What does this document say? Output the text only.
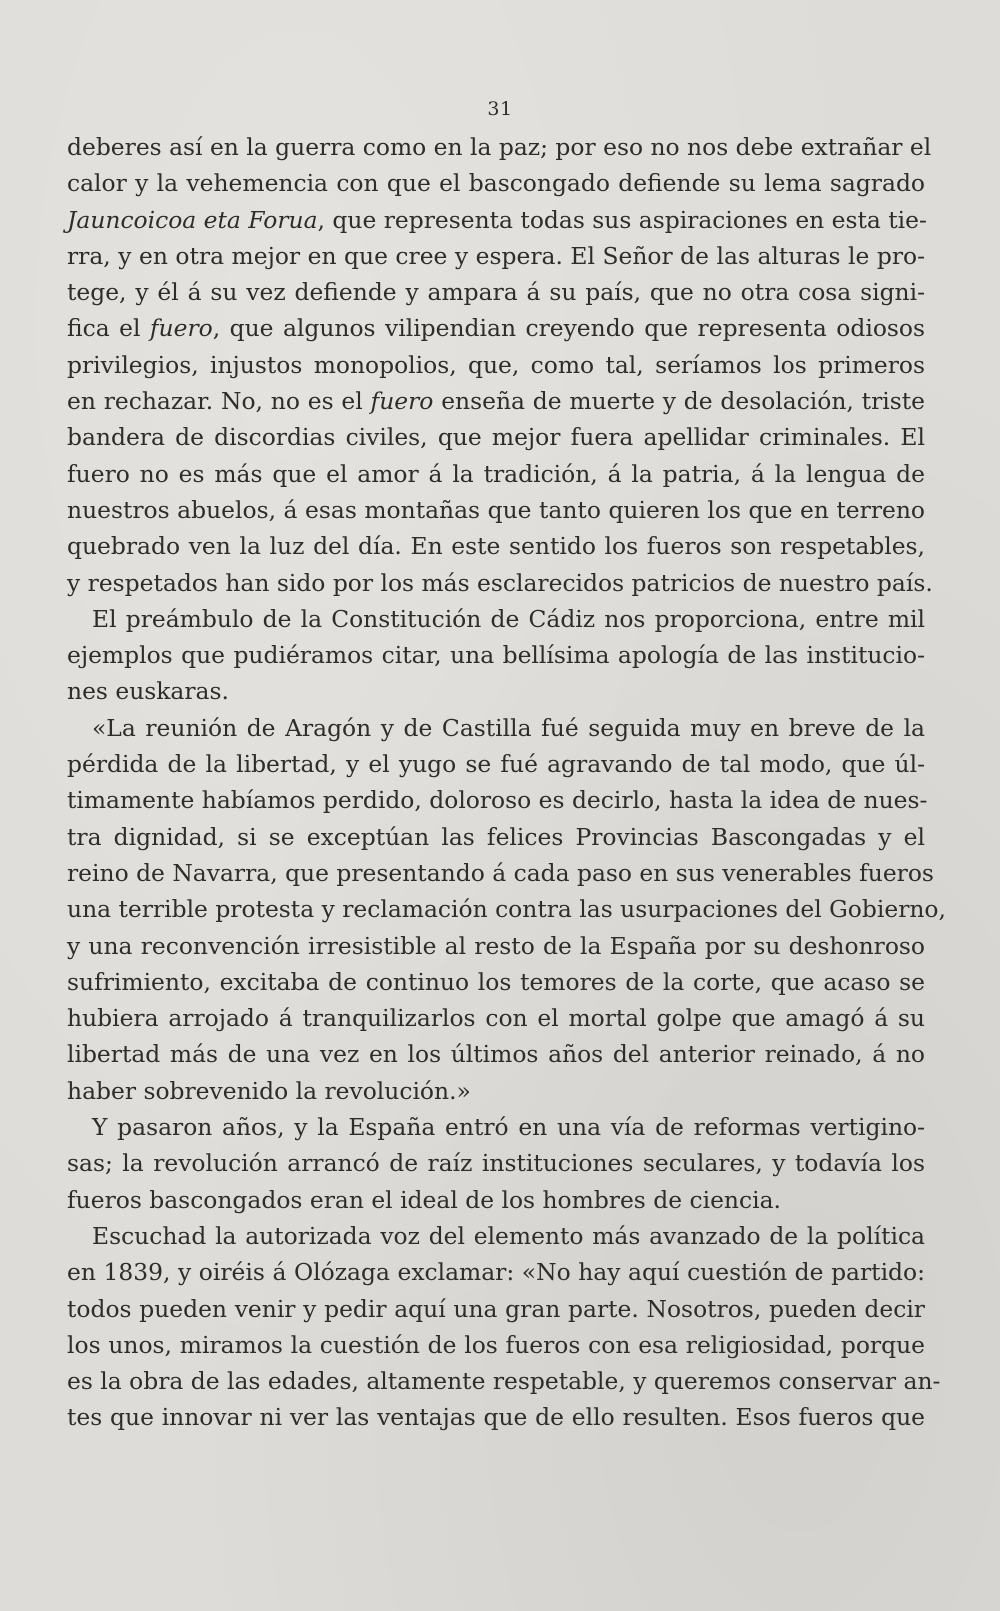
31
deberes así en la guerra como en la paz; por eso no nos debe extrañar el
calor y la vehemencia con que el bascongado defiende su lema sagrado
Jauncoicoa eta Forua, que representa todas sus aspiraciones en esta tie-
rra, y en otra mejor en que cree y espera. El Señor de las alturas le pro-
tege, y él á su vez defiende y ampara á su país, que no otra cosa signi-
fica el fuero, que algunos vilipendian creyendo que representa odiosos
privilegios, injustos monopolios, que, como tal, seríamos los primeros
en rechazar. No, no es el fuero enseña de muerte y de desolación, triste
bandera de discordias civiles, que mejor fuera apellidar criminales. El
fuero no es más que el amor á la tradición, á la patria, á la lengua de
nuestros abuelos, á esas montañas que tanto quieren los que en terreno
quebrado ven la luz del día. En este sentido los fueros son respetables,
y respetados han sido por los más esclarecidos patricios de nuestro país.
El preámbulo de la Constitución de Cádiz nos proporciona, entre mil
ejemplos que pudiéramos citar, una bellísima apología de las institucio-
nes euskaras.
«La reunión de Aragón y de Castilla fué seguida muy en breve de la
pérdida de la libertad, y el yugo se fué agravando de tal modo, que úl-
timamente habíamos perdido, doloroso es decirlo, hasta la idea de nues-
tra dignidad, si se exceptúan las felices Provincias Bascongadas y el
reino de Navarra, que presentando á cada paso en sus venerables fueros
una terrible protesta y reclamación contra las usurpaciones del Gobierno,
y una reconvención irresistible al resto de la España por su deshonroso
sufrimiento, excitaba de continuo los temores de la corte, que acaso se
hubiera arrojado á tranquilizarlos con el mortal golpe que amagó á su
libertad más de una vez en los últimos años del anterior reinado, á no
haber sobrevenido la revolución.»
Y pasaron años, y la España entró en una vía de reformas vertigino-
sas; la revolución arrancó de raíz instituciones seculares, y todavía los
fueros bascongados eran el ideal de los hombres de ciencia.
Escuchad la autorizada voz del elemento más avanzado de la política
en 1839, y oiréis á Olózaga exclamar: «No hay aquí cuestión de partido:
todos pueden venir y pedir aquí una gran parte. Nosotros, pueden decir
los unos, miramos la cuestión de los fueros con esa religiosidad, porque
es la obra de las edades, altamente respetable, y queremos conservar an-
tes que innovar ni ver las ventajas que de ello resulten. Esos fueros que
